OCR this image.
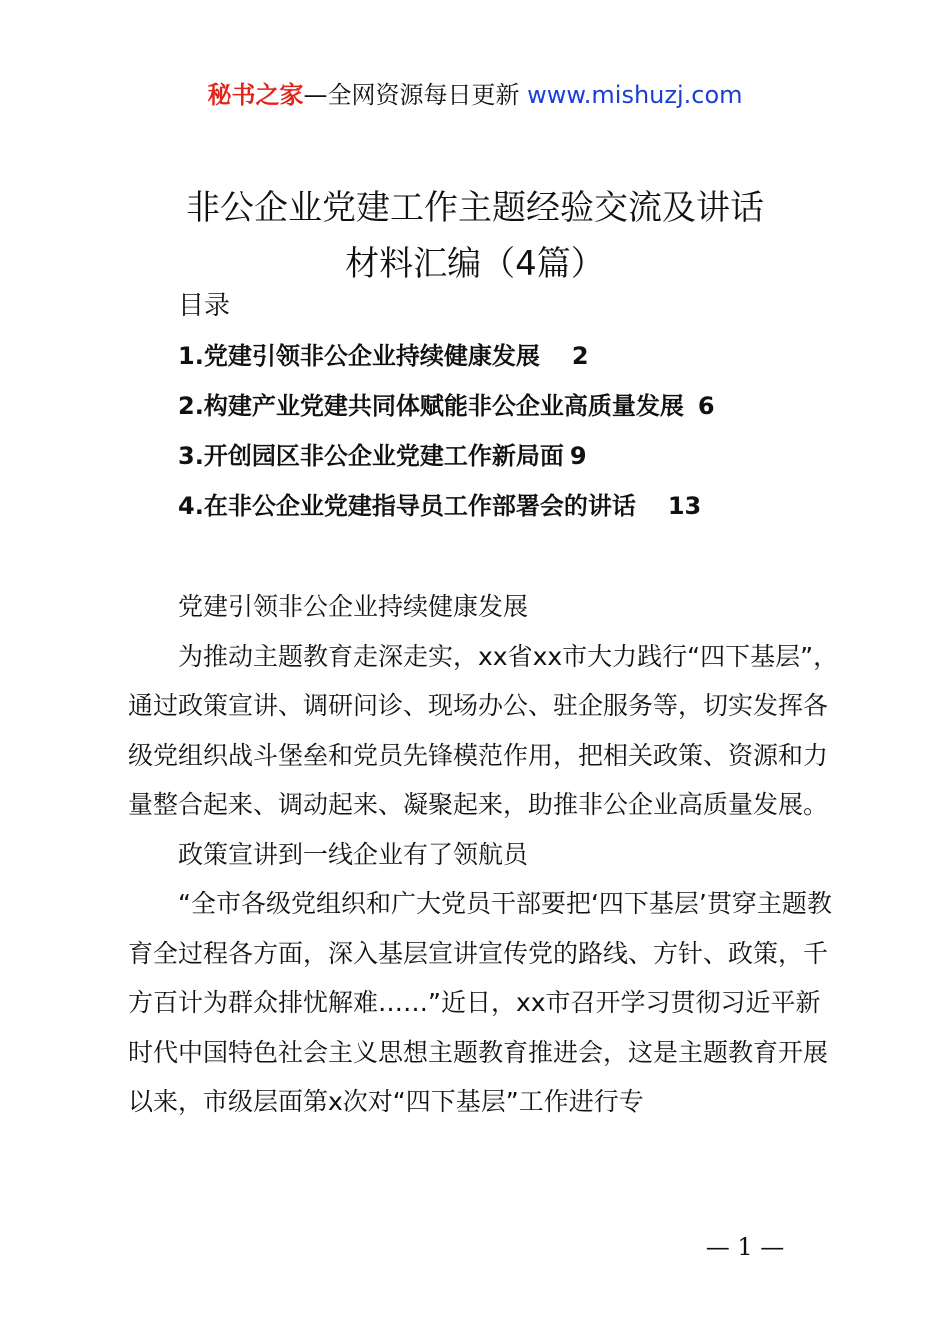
秘书之家—全网资源每日更新 www.mishuzj.com
非公企业党建工作主题经验交流及讲话
材料汇编（4篇）
目录
1.党建引领非公企业持续健康发展 2
2.构建产业党建共同体赋能非公企业高质量发展 6
3.开创园区非公企业党建工作新局面 9
4.在非公企业党建指导员工作部署会的讲话 13

党建引领非公企业持续健康发展

为推动主题教育走深走实，xx省xx市大力践行“四下基层”，通过政策宣讲、调研问诊、现场办公、驻企服务等，切实发挥各级党组织战斗堡垒和党员先锋模范作用，把相关政策、资源和力量整合起来、调动起来、凝聚起来，助推非公企业高质量发展。

政策宣讲到一线企业有了领航员

“全市各级党组织和广大党员干部要把‘四下基层’贯穿主题教育全过程各方面，深入基层宣讲宣传党的路线、方针、政策，千方百计为群众排忧解难……”近日，xx市召开学习贯彻习近平新时代中国特色社会主义思想主题教育推进会，这是主题教育开展以来，市级层面第x次对“四下基层”工作进行专

— 1 —
